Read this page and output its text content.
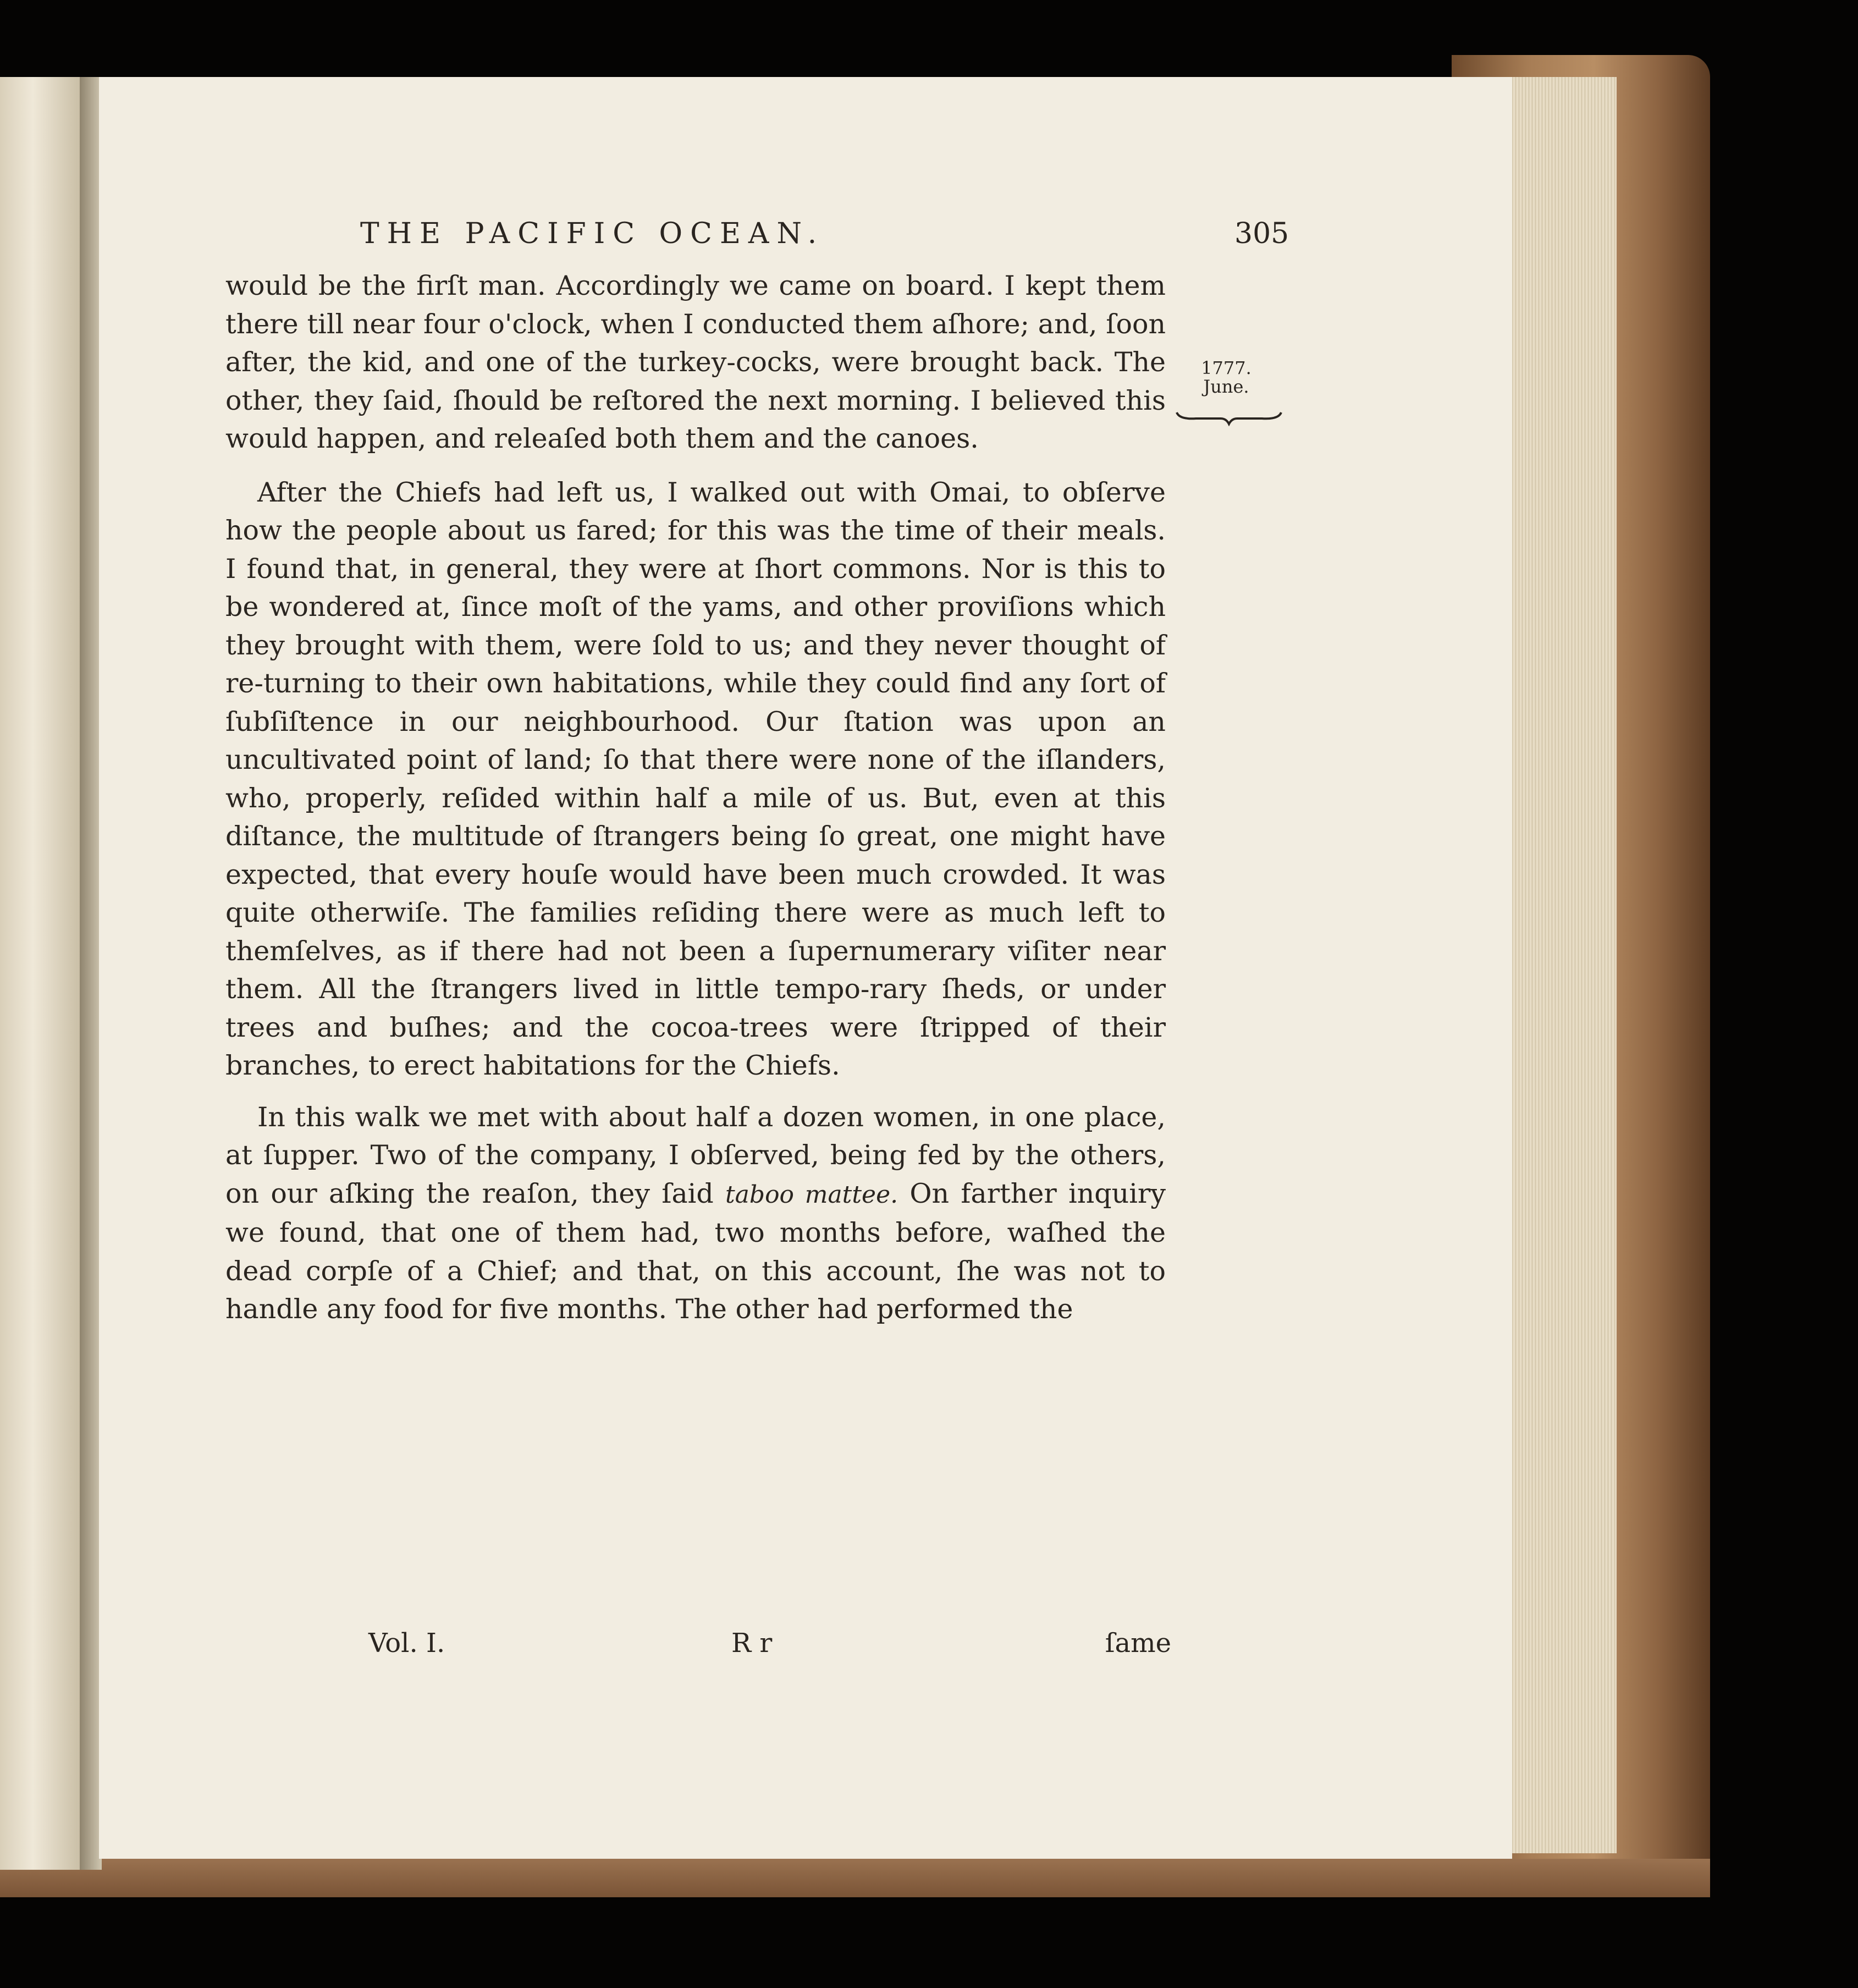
THE PACIFIC OCEAN.	305

would be the firſt man. Accordingly we came on board. I kept them there till near four o'clock, when I conducted them aſhore; and, ſoon after, the kid, and one of the turkey-cocks, were brought back. The other, they ſaid, ſhould be reſtored the next morning. I believed this would happen, and releaſed both them and the canoes.

After the Chiefs had left us, I walked out with Omai, to obſerve how the people about us fared; for this was the time of their meals. I found that, in general, they were at ſhort commons. Nor is this to be wondered at, ſince moſt of the yams, and other proviſions which they brought with them, were ſold to us; and they never thought of re-turning to their own habitations, while they could find any ſort of ſubſiſtence in our neighbourhood. Our ſtation was upon an uncultivated point of land; ſo that there were none of the iſlanders, who, properly, reſided within half a mile of us. But, even at this diſtance, the multitude of ſtrangers being ſo great, one might have expected, that every houſe would have been much crowded. It was quite otherwiſe. The families reſiding there were as much left to themſelves, as if there had not been a ſupernumerary viſiter near them. All the ſtrangers lived in little tempo-rary ſheds, or under trees and buſhes; and the cocoa-trees were ſtripped of their branches, to erect habitations for the Chiefs.

In this walk we met with about half a dozen women, in one place, at ſupper. Two of the company, I obſerved, being fed by the others, on our aſking the reaſon, they ſaid taboo mattee. On farther inquiry we found, that one of them had, two months before, waſhed the dead corpſe of a Chief; and that, on this account, ſhe was not to handle any food for five months. The other had performed the

1777.
June.
Vol. I.	R r	ſame
